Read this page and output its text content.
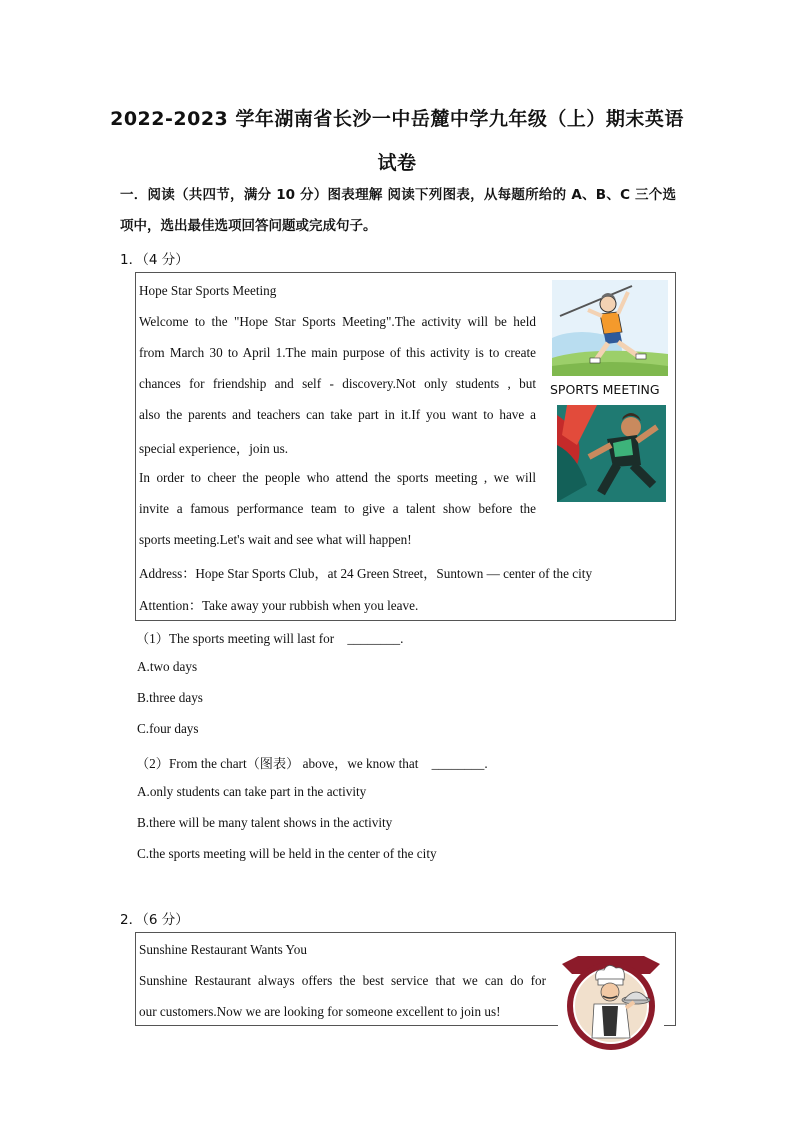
2022-2023 学年湖南省长沙一中岳麓中学九年级（上）期末英语
试卷
一．阅读（共四节，满分 10 分）图表理解 阅读下列图表，从每题所给的 A、B、C 三个选
项中，选出最佳选项回答问题或完成句子。
1．（4 分）
Hope Star Sports Meeting
Welcome to the "Hope Star Sports Meeting".The activity will be held
from March 30 to April 1.The main purpose of this activity is to create
chances for friendship and self - discovery.Not only students , but
also the parents and teachers can take part in it.If you want to have a
special experience，join us.
In order to cheer the people who attend the sports meeting , we will
invite a famous performance team to give a talent show before the
sports meeting.Let's wait and see what will happen!
Address：Hope Star Sports Club，at 24 Green Street，Suntown — center of the city
Attention：Take away your rubbish when you leave.
SPORTS MEETING
（1）The sports meeting will last for　________.
A.two days
B.three days
C.four days
（2）From the chart（图表） above，we know that　________.
A.only students can take part in the activity
B.there will be many talent shows in the activity
C.the sports meeting will be held in the center of the city
2．（6 分）
Sunshine Restaurant Wants You
Sunshine Restaurant always offers the best service that we can do for
our customers.Now we are looking for someone excellent to join us!
